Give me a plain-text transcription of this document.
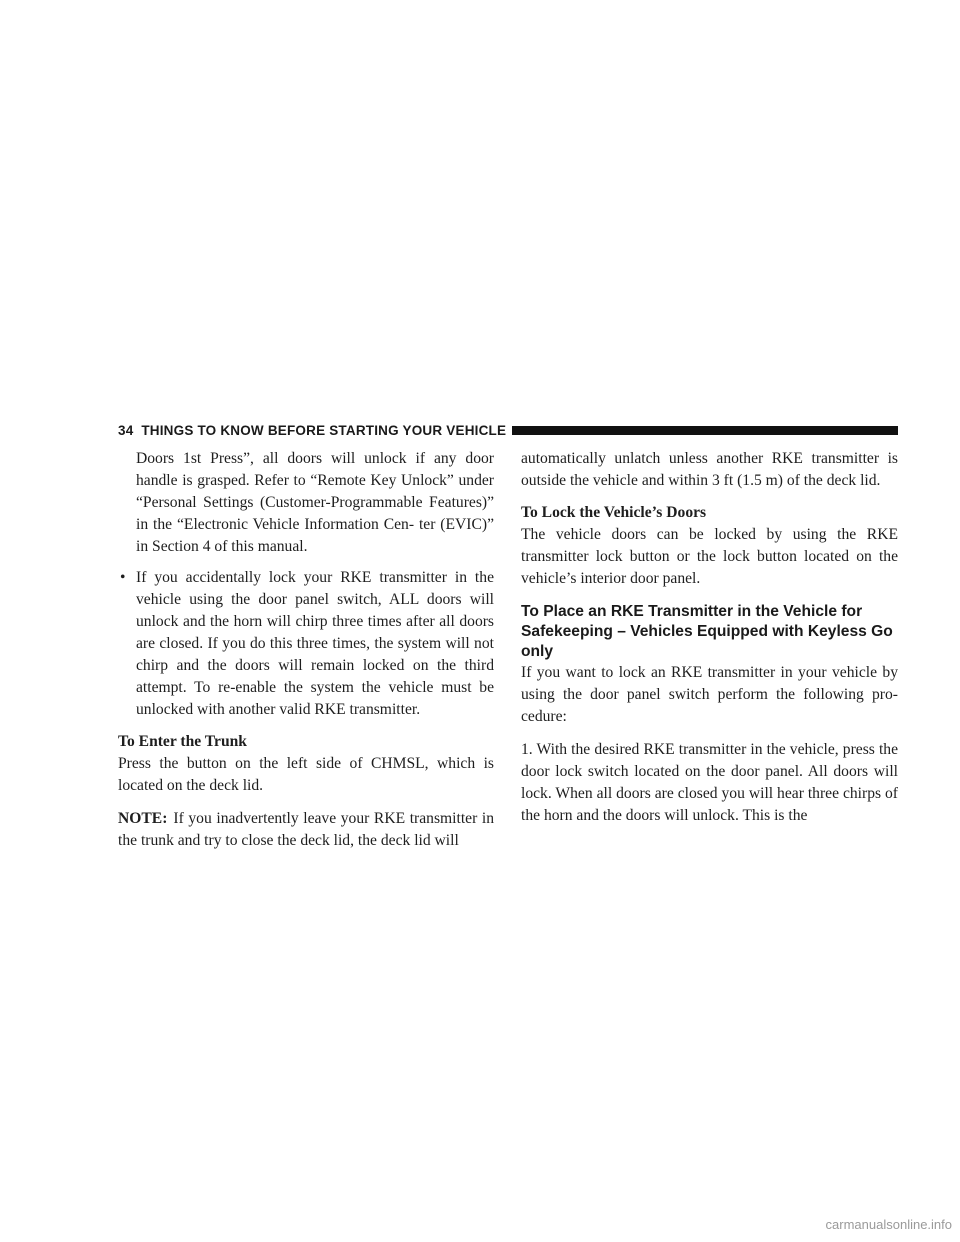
34 THINGS TO KNOW BEFORE STARTING YOUR VEHICLE

Doors 1st Press”, all doors will unlock if any door handle is grasped. Refer to “Remote Key Unlock” under “Personal Settings (Customer-Programmable Features)” in the “Electronic Vehicle Information Cen- ter (EVIC)” in Section 4 of this manual.

• If you accidentally lock your RKE transmitter in the vehicle using the door panel switch, ALL doors will unlock and the horn will chirp three times after all doors are closed. If you do this three times, the system will not chirp and the doors will remain locked on the third attempt. To re-enable the system the vehicle must be unlocked with another valid RKE transmitter.

To Enter the Trunk

Press the button on the left side of CHMSL, which is located on the deck lid.

NOTE: If you inadvertently leave your RKE transmitter in the trunk and try to close the deck lid, the deck lid will

automatically unlatch unless another RKE transmitter is outside the vehicle and within 3 ft (1.5 m) of the deck lid.

To Lock the Vehicle’s Doors

The vehicle doors can be locked by using the RKE transmitter lock button or the lock button located on the vehicle’s interior door panel.

To Place an RKE Transmitter in the Vehicle for Safekeeping – Vehicles Equipped with Keyless Go only

If you want to lock an RKE transmitter in your vehicle by using the door panel switch perform the following pro- cedure:

1. With the desired RKE transmitter in the vehicle, press the door lock switch located on the door panel. All doors will lock. When all doors are closed you will hear three chirps of the horn and the doors will unlock. This is the

carmanualsonline.info
